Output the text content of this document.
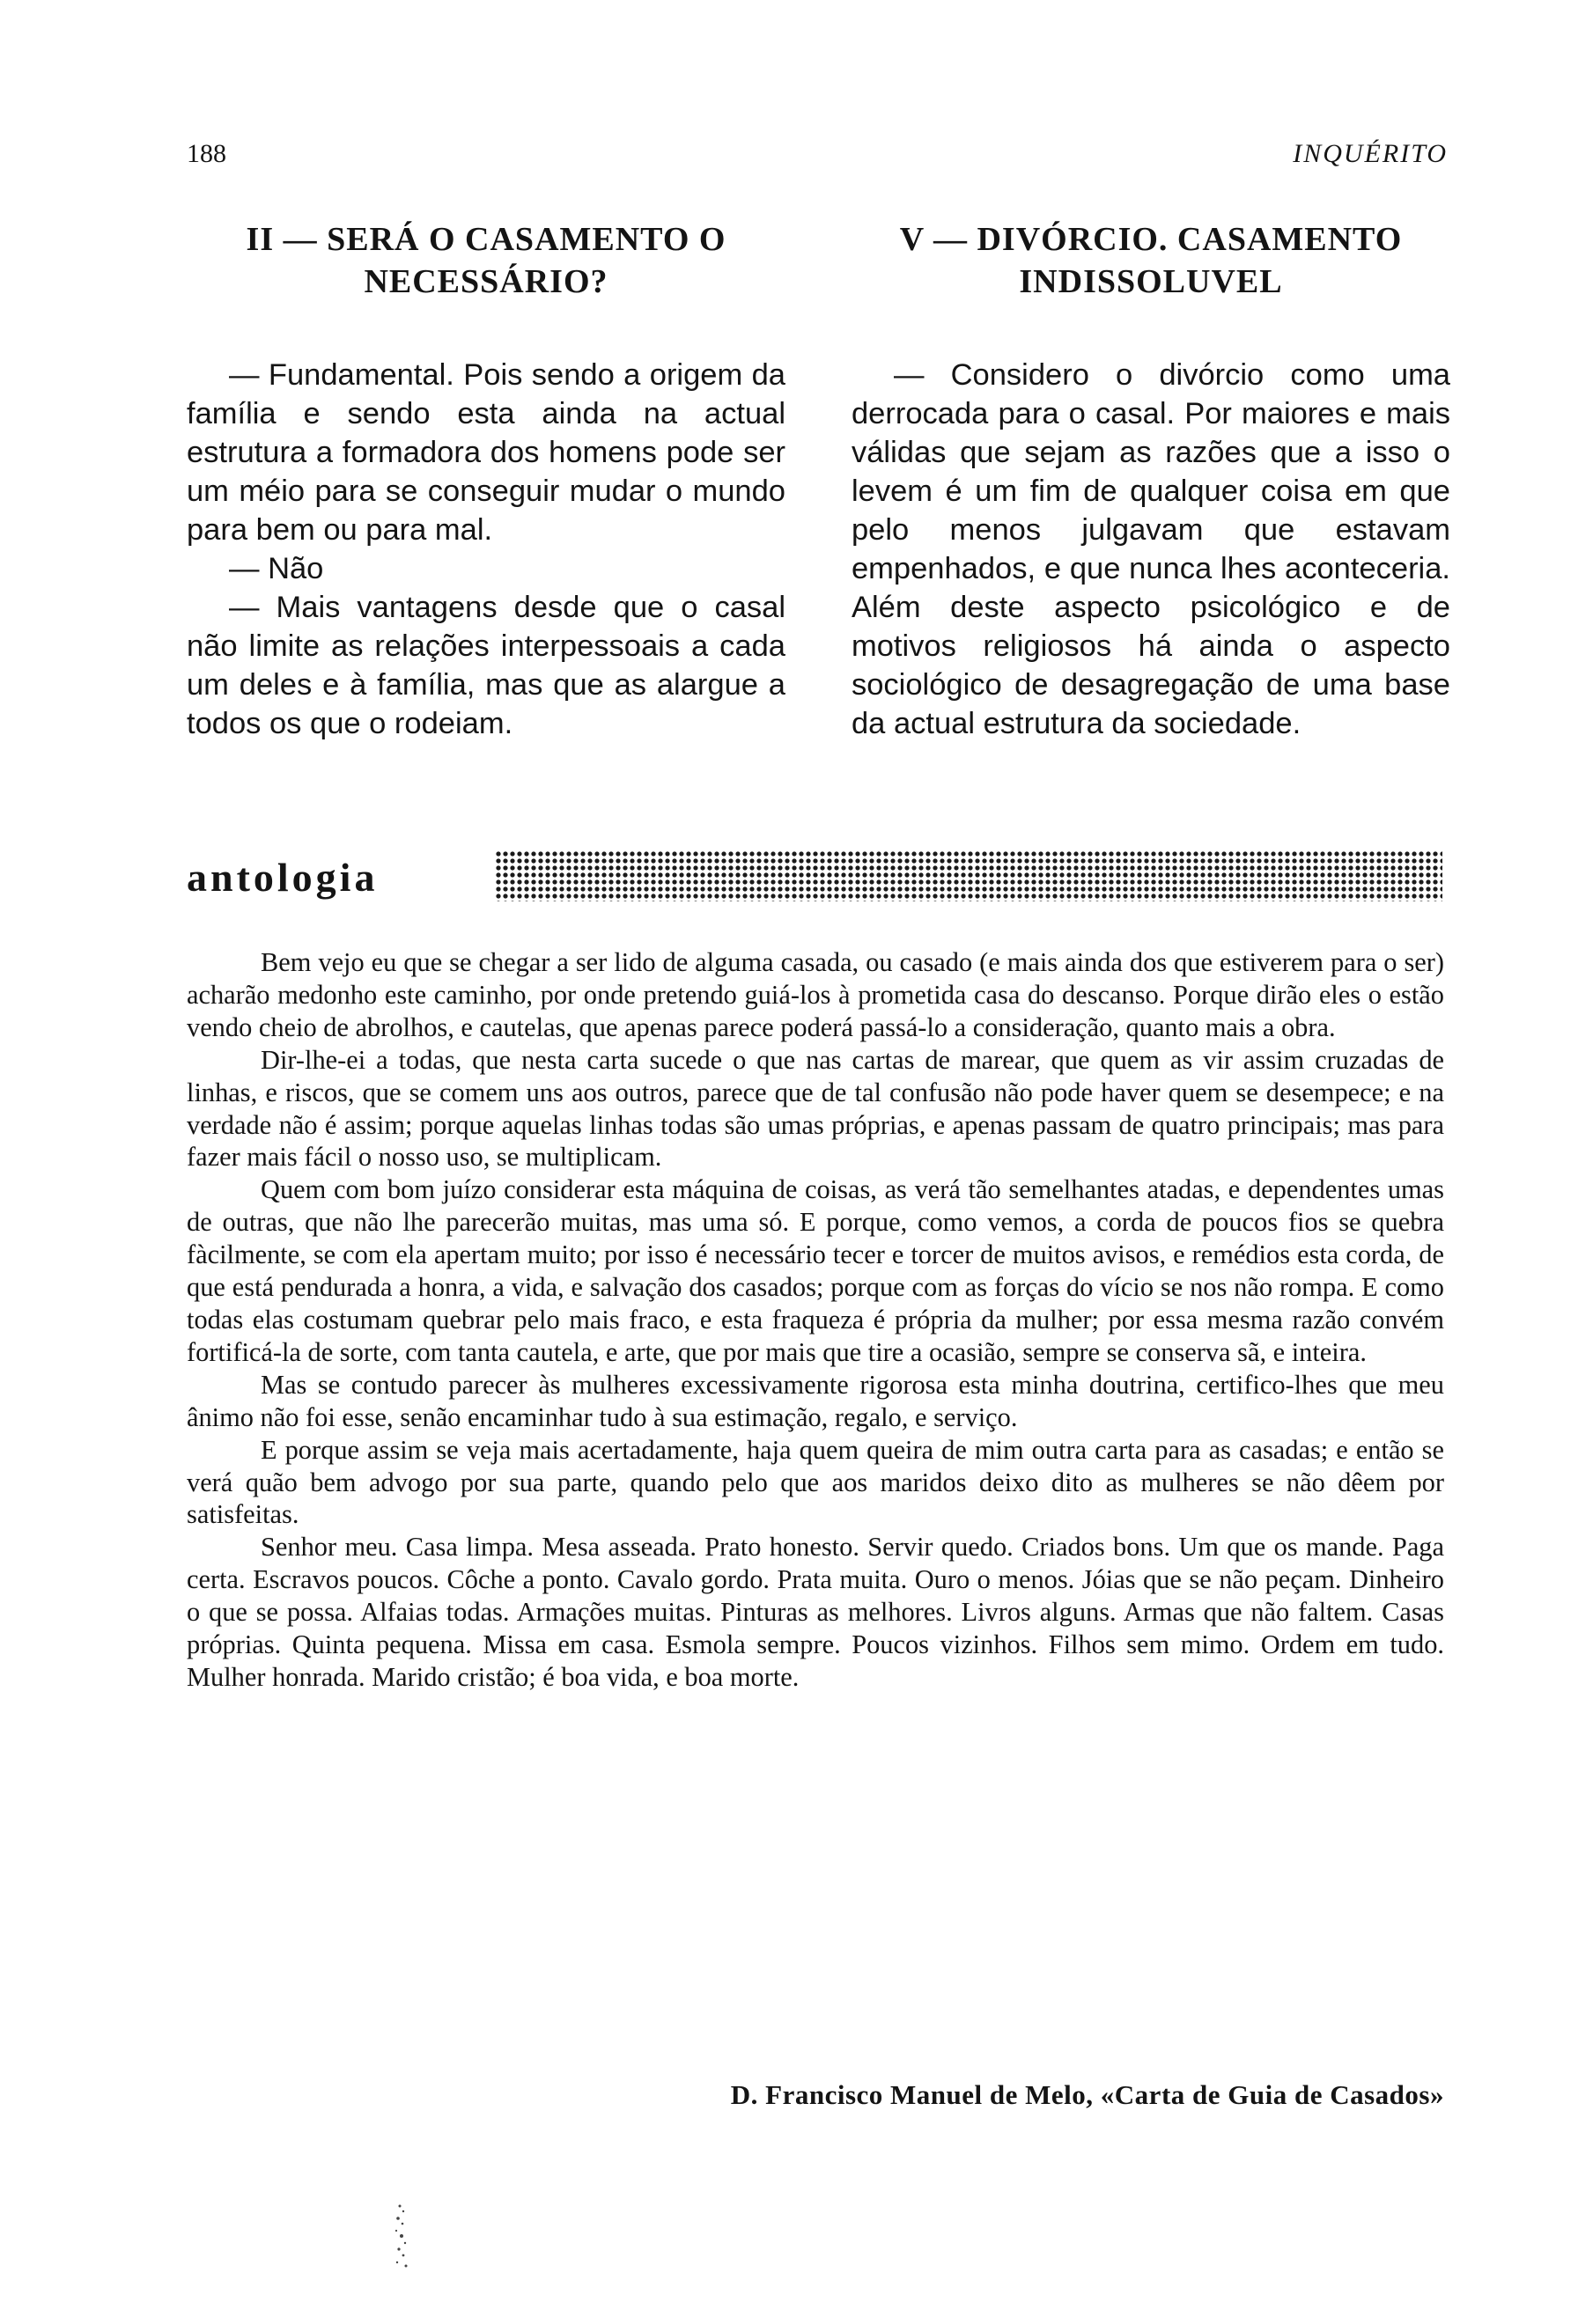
188	INQUÉRITO
II — SERÁ O CASAMENTO O
NECESSÁRIO?

— Fundamental. Pois sendo a origem da família e sendo esta ainda na actual estrutura a formadora dos homens pode ser um méio para se conseguir mudar o mundo para bem ou para mal.

— Não

— Mais vantagens desde que o casal não limite as relações interpessoais a cada um deles e à família, mas que as alargue a todos os que o rodeiam.

V — DIVÓRCIO. CASAMENTO
INDISSOLUVEL

— Considero o divórcio como uma derrocada para o casal. Por maiores e mais válidas que sejam as razões que a isso o levem é um fim de qualquer coisa em que pelo menos julgavam que estavam empenhados, e que nunca lhes aconteceria. Além deste aspecto psicológico e de motivos religiosos há ainda o aspecto sociológico de desagregação de uma base da actual estrutura da sociedade.

antologia

Bem vejo eu que se chegar a ser lido de alguma casada, ou casado (e mais ainda dos que estiverem para o ser) acharão medonho este caminho, por onde pretendo guiá-los à prometida casa do descanso. Porque dirão eles o estão vendo cheio de abrolhos, e cautelas, que apenas parece poderá passá-lo a consideração, quanto mais a obra.

Dir-lhe-ei a todas, que nesta carta sucede o que nas cartas de marear, que quem as vir assim cruzadas de linhas, e riscos, que se comem uns aos outros, parece que de tal confusão não pode haver quem se desempece; e na verdade não é assim; porque aquelas linhas todas são umas próprias, e apenas passam de quatro principais; mas para fazer mais fácil o nosso uso, se multiplicam.

Quem com bom juízo considerar esta máquina de coisas, as verá tão semelhantes atadas, e dependentes umas de outras, que não lhe parecerão muitas, mas uma só. E porque, como vemos, a corda de poucos fios se quebra fàcilmente, se com ela apertam muito; por isso é necessário tecer e torcer de muitos avisos, e remédios esta corda, de que está pendurada a honra, a vida, e salvação dos casados; porque com as forças do vício se nos não rompa. E como todas elas costumam quebrar pelo mais fraco, e esta fraqueza é própria da mulher; por essa mesma razão convém fortificá-la de sorte, com tanta cautela, e arte, que por mais que tire a ocasião, sempre se conserva sã, e inteira.

Mas se contudo parecer às mulheres excessivamente rigorosa esta minha doutrina, certifico-lhes que meu ânimo não foi esse, senão encaminhar tudo à sua estimação, regalo, e serviço.

E porque assim se veja mais acertadamente, haja quem queira de mim outra carta para as casadas; e então se verá quão bem advogo por sua parte, quando pelo que aos maridos deixo dito as mulheres se não dêem por satisfeitas.

Senhor meu. Casa limpa. Mesa asseada. Prato honesto. Servir quedo. Criados bons. Um que os mande. Paga certa. Escravos poucos. Côche a ponto. Cavalo gordo. Prata muita. Ouro o menos. Jóias que se não peçam. Dinheiro o que se possa. Alfaias todas. Armações muitas. Pinturas as melhores. Livros alguns. Armas que não faltem. Casas próprias. Quinta pequena. Missa em casa. Esmola sempre. Poucos vizinhos. Filhos sem mimo. Ordem em tudo. Mulher honrada. Marido cristão; é boa vida, e boa morte.

D. Francisco Manuel de Melo, «Carta de Guia de Casados»
